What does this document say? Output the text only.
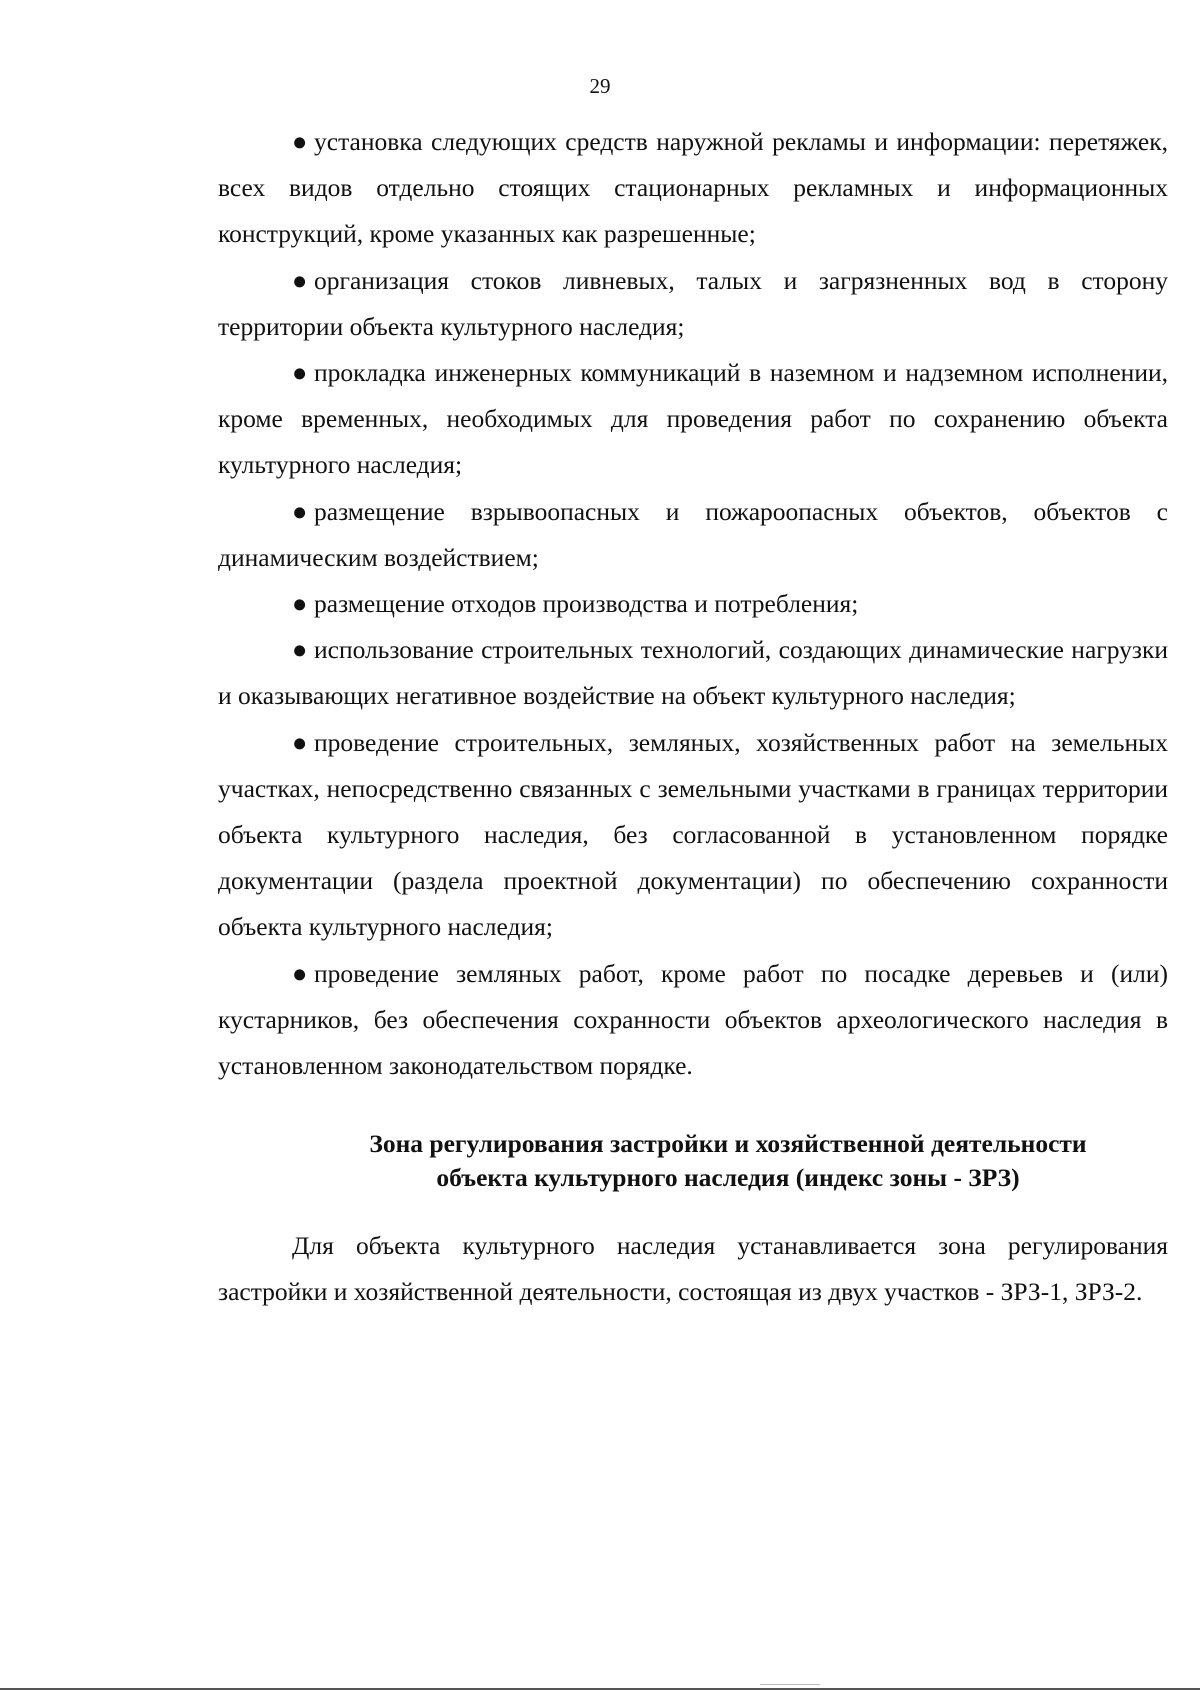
29

● установка следующих средств наружной рекламы и информации: перетяжек, всех видов отдельно стоящих стационарных рекламных и информационных конструкций, кроме указанных как разрешенные;

● организация стоков ливневых, талых и загрязненных вод в сторону территории объекта культурного наследия;

● прокладка инженерных коммуникаций в наземном и надземном исполнении, кроме временных, необходимых для проведения работ по сохранению объекта культурного наследия;

● размещение взрывоопасных и пожароопасных объектов, объектов с динамическим воздействием;

● размещение отходов производства и потребления;

● использование строительных технологий, создающих динамические нагрузки и оказывающих негативное воздействие на объект культурного наследия;

● проведение строительных, земляных, хозяйственных работ на земельных участках, непосредственно связанных с земельными участками в границах территории объекта культурного наследия, без согласованной в установленном порядке документации (раздела проектной документации) по обеспечению сохранности объекта культурного наследия;

● проведение земляных работ, кроме работ по посадке деревьев и (или) кустарников, без обеспечения сохранности объектов археологического наследия в установленном законодательством порядке.

Зона регулирования застройки и хозяйственной деятельности
объекта культурного наследия (индекс зоны - ЗРЗ)

Для объекта культурного наследия устанавливается зона регулирования застройки и хозяйственной деятельности, состоящая из двух участков - ЗРЗ-1, ЗРЗ-2.
